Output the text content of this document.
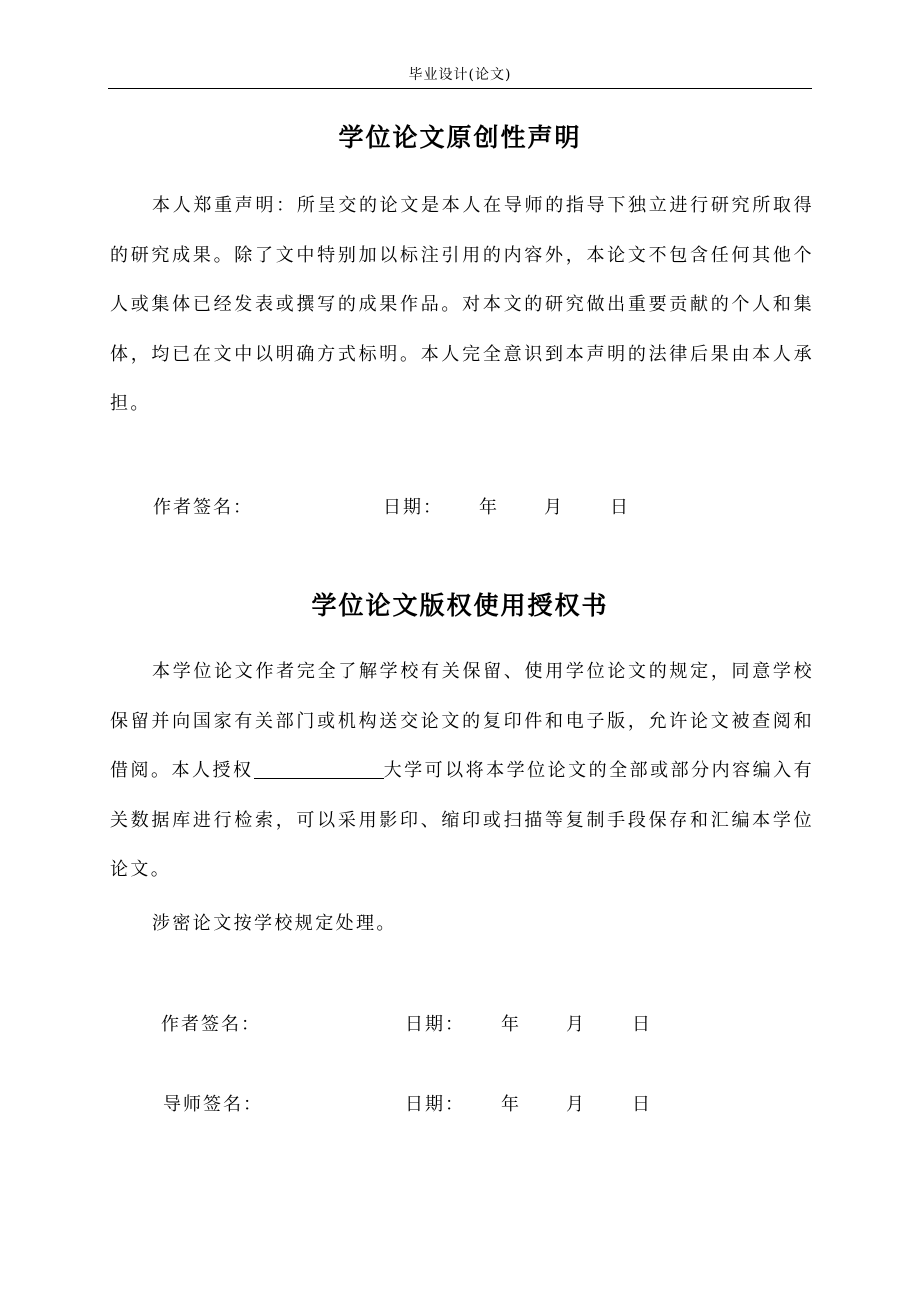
毕业设计(论文)
学位论文原创性声明

本人郑重声明：所呈交的论文是本人在导师的指导下独立进行研究所取得的研究成果。除了文中特别加以标注引用的内容外，本论文不包含任何其他个人或集体已经发表或撰写的成果作品。对本文的研究做出重要贡献的个人和集体，均已在文中以明确方式标明。本人完全意识到本声明的法律后果由本人承担。

作者签名：	日期： 年	月	日
学位论文版权使用授权书

本学位论文作者完全了解学校有关保留、使用学位论文的规定，同意学校保留并向国家有关部门或机构送交论文的复印件和电子版，允许论文被查阅和借阅。本人授权	大学可以将本学位论文的全部或部分内容编入有关数据库进行检索，可以采用影印、缩印或扫描等复制手段保存和汇编本学位论文。

涉密论文按学校规定处理。

作者签名：	日期： 年	月	日
导师签名：	日期： 年	月	日
